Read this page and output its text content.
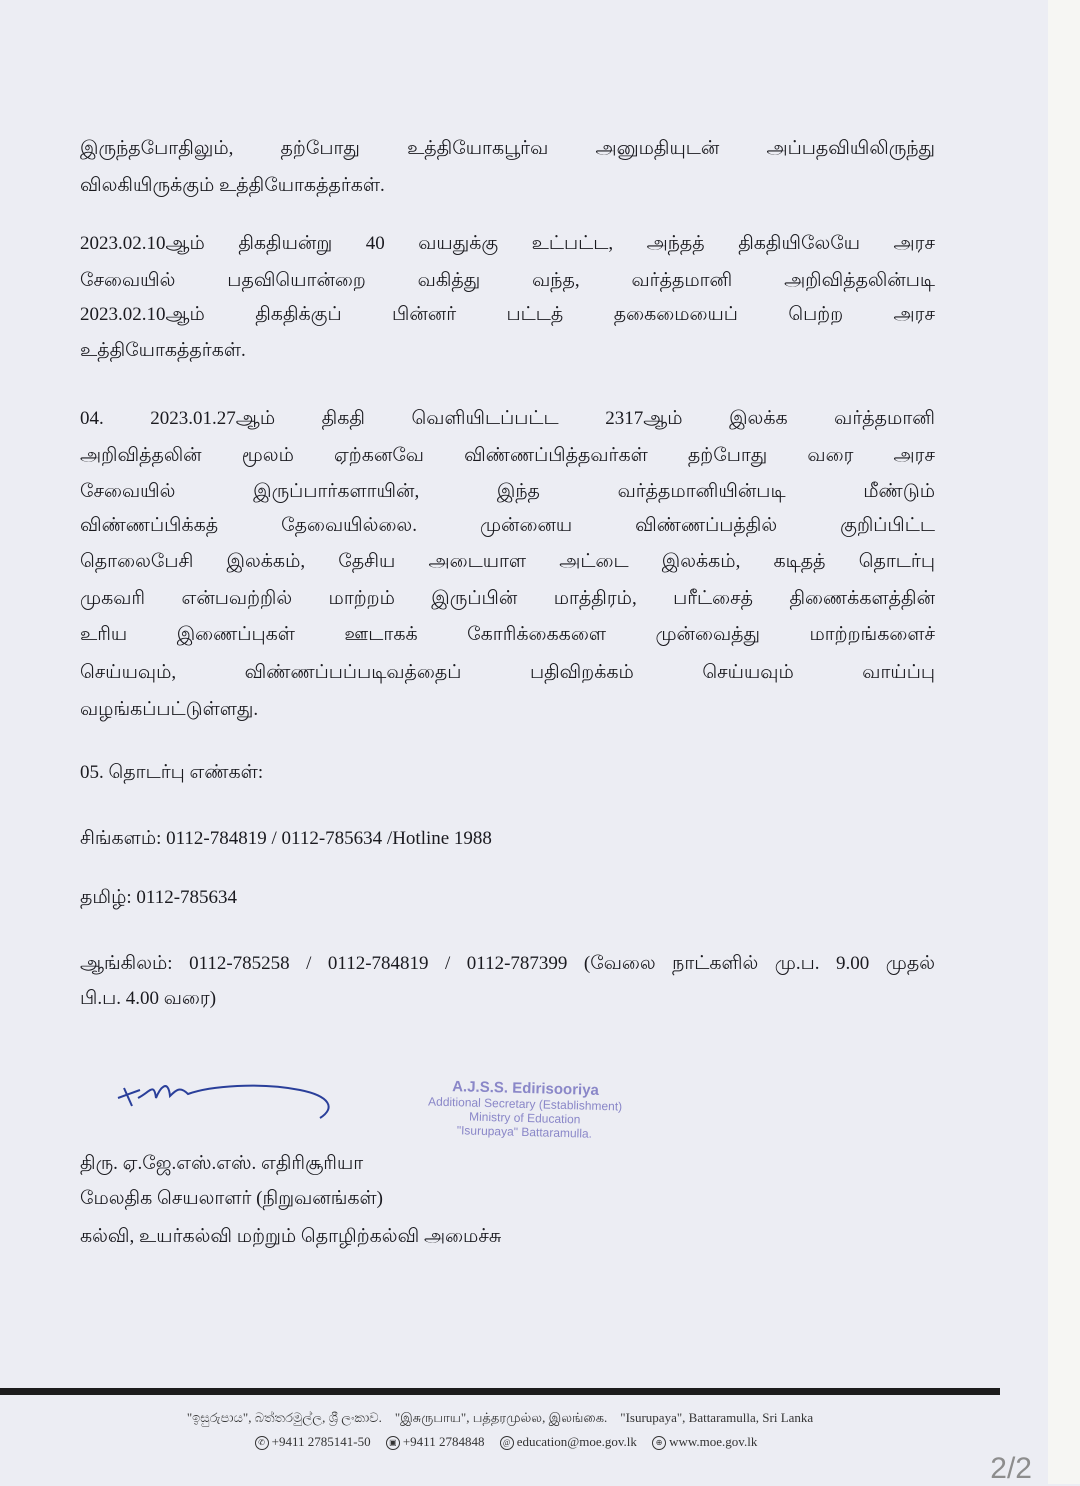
இருந்தபோதிலும், தற்போது உத்தியோகபூர்வ அனுமதியுடன் அப்பதவியிலிருந்து
விலகியிருக்கும் உத்தியோகத்தர்கள்.
2023.02.10ஆம் திகதியன்று 40 வயதுக்கு உட்பட்ட, அந்தத் திகதியிலேயே அரச
சேவையில் பதவியொன்றை வகித்து வந்த, வர்த்தமானி அறிவித்தலின்படி
2023.02.10ஆம் திகதிக்குப் பின்னர் பட்டத் தகைமையைப் பெற்ற அரச
உத்தியோகத்தர்கள்.
04. 2023.01.27ஆம் திகதி வெளியிடப்பட்ட 2317ஆம் இலக்க வர்த்தமானி
அறிவித்தலின் மூலம் ஏற்கனவே விண்ணப்பித்தவர்கள் தற்போது வரை அரச
சேவையில் இருப்பார்களாயின், இந்த வர்த்தமானியின்படி மீண்டும்
விண்ணப்பிக்கத் தேவையில்லை. முன்னைய விண்ணப்பத்தில் குறிப்பிட்ட
தொலைபேசி இலக்கம், தேசிய அடையாள அட்டை இலக்கம், கடிதத் தொடர்பு
முகவரி என்பவற்றில் மாற்றம் இருப்பின் மாத்திரம், பரீட்சைத் திணைக்களத்தின்
உரிய இணைப்புகள் ஊடாகக் கோரிக்கைகளை முன்வைத்து மாற்றங்களைச்
செய்யவும், விண்ணப்பப்படிவத்தைப் பதிவிறக்கம் செய்யவும் வாய்ப்பு
வழங்கப்பட்டுள்ளது.
05. தொடர்பு எண்கள்:
சிங்களம்: 0112-784819 / 0112-785634 /Hotline 1988
தமிழ்: 0112-785634
ஆங்கிலம்: 0112-785258 / 0112-784819 / 0112-787399 (வேலை நாட்களில் மு.ப. 9.00 முதல்
பி.ப. 4.00 வரை)
A.J.S.S. Edirisooriya
Additional Secretary (Establishment)
Ministry of Education
"Isurupaya" Battaramulla.
திரு. ஏ.ஜே.எஸ்.எஸ். எதிரிசூரியா
மேலதிக செயலாளர் (நிறுவனங்கள்)
கல்வி, உயர்கல்வி மற்றும் தொழிற்கல்வி அமைச்சு
"ඉසුරුපාය", බත්තරමුල්ල, ශ්‍රී ලංකාව.    "இசுருபாய", பத்தரமுல்ல, இலங்கை.    "Isurupaya", Battaramulla, Sri Lanka
✆ +9411 2785141-50 ▣ +9411 2784848 @ education@moe.gov.lk ⊕ www.moe.gov.lk
2/2
